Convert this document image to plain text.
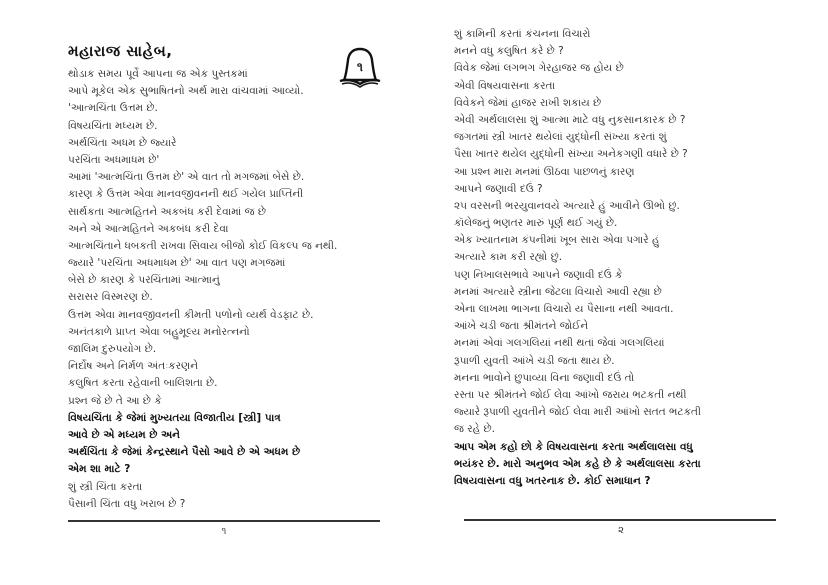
મહારાજ સાહેબ,
૧
થોડાક સમય પૂર્વે આપના જ એક પુસ્તકમાં
આપે મૂકેલ એક સુભાષિતનો અર્થ મારા વાંચવામાં આવ્યો.
'આત્મચિંતા ઉત્તમ છે.
વિષયચિંતા મધ્યમ છે.
અર્થચિંતા અધમ છે જ્યારે
પરચિંતા અધમાધમ છે'
આમાં 'આત્મચિંતા ઉત્તમ છે' એ વાત તો મગજમાં બેસે છે.
કારણ કે ઉત્તમ એવા માનવજીવનની થઈ ગયેલ પ્રાપ્તિની
સાર્થકતા આત્મહિતને અકબંધ કરી દેવામાં જ છે
અને એ આત્મહિતને અકબંધ કરી દેવા
આત્મચિંતાને ધબકતી રાખવા સિવાય બીજો કોઈ વિકલ્પ જ નથી.
જ્યારે 'પરચિંતા અધમાધમ છે' આ વાત પણ મગજમાં
બેસે છે કારણ કે પરચિંતામાં આત્માનું
સરાસર વિસ્મરણ છે.
ઉત્તમ એવા માનવજીવનની કીમતી પળોનો વ્યર્થ વેડફાટ છે.
અનંતકાળે પ્રાપ્ત એવા બહુમૂલ્ય મનોરત્નનો
જાલિમ દુરુપયોગ છે.
નિર્દોષ અને નિર્મળ અંતઃકરણને
કલુષિત કરતા રહેવાની બાલિશતા છે.
પ્રશ્ન જે છે તે આ છે કે
વિષયચિંતા કે જેમાં મુખ્યતયા વિજાતીય [સ્ત્રી] પાત્ર
આવે છે એ મધ્યમ છે અને
અર્થચિંતા કે જેમાં કેન્દ્રસ્થાને પૈસો આવે છે એ અધમ છે
એમ શા માટે ?
શું સ્ત્રી ચિંતા કરતા
પૈસાની ચિંતા વધુ ખરાબ છે ?
૧
શું કામિની કરતાં કંચનના વિચારો
મનને વધુ કલુષિત કરે છે ?
વિવેક જેમાં લગભગ ગેરહાજર જ હોય છે
એવી વિષયવાસના કરતા
વિવેકને જેમાં હાજર રાખી શકાય છે
એવી અર્થલાલસા શું આત્મા માટે વધુ નુકસાનકારક છે ?
જગતમાં સ્ત્રી ખાતર થયેલાં યુદ્ધોની સંખ્યા કરતાં શું
પૈસા ખાતર થયેલ યુદ્ધોની સંખ્યા અનેકગણી વધારે છે ?
આ પ્રશ્ન મારા મનમાં ઊઠવા પાછળનું કારણ
આપને જણાવી દઉં ?
૨૫ વરસની ભરયુવાનવયે અત્યારે હું આવીને ઊભો છું.
કૉલેજનું ભણતર મારું પૂર્ણ થઈ ગયું છે.
એક ખ્યાતનામ કંપનીમાં ખૂબ સારા એવા પગારે હું
અત્યારે કામ કરી રહ્યો છું.
પણ નિખાલસભાવે આપને જણાવી દઉં કે
મનમાં અત્યારે સ્ત્રીના જેટલા વિચારો આવી રહ્યા છે
એના લાખમા ભાગના વિચારો ય પૈસાના નથી આવતા.
આંખે ચડી જતા શ્રીમંતને જોઈને
મનમાં એવાં ગલગલિયાં નથી થતાં જેવાં ગલગલિયાં
રૂપાળી યુવતી આંખે ચડી જતા થાય છે.
મનના ભાવોને છુપાવ્યા વિના જણાવી દઉં તો
રસ્તા પર શ્રીમંતને જોઈ લેવા આંખો જરાય ભટકતી નથી
જ્યારે રૂપાળી યુવતીને જોઈ લેવા મારી આંખો સતત ભટકતી
જ રહે છે.
આપ એમ કહો છો કે વિષયવાસના કરતા અર્થલાલસા વધુ
ભયંકર છે. મારો અનુભવ એમ કહે છે કે અર્થલાલસા કરતા
વિષયવાસના વધુ ખતરનાક છે. કોઈ સમાધાન ?
૨
